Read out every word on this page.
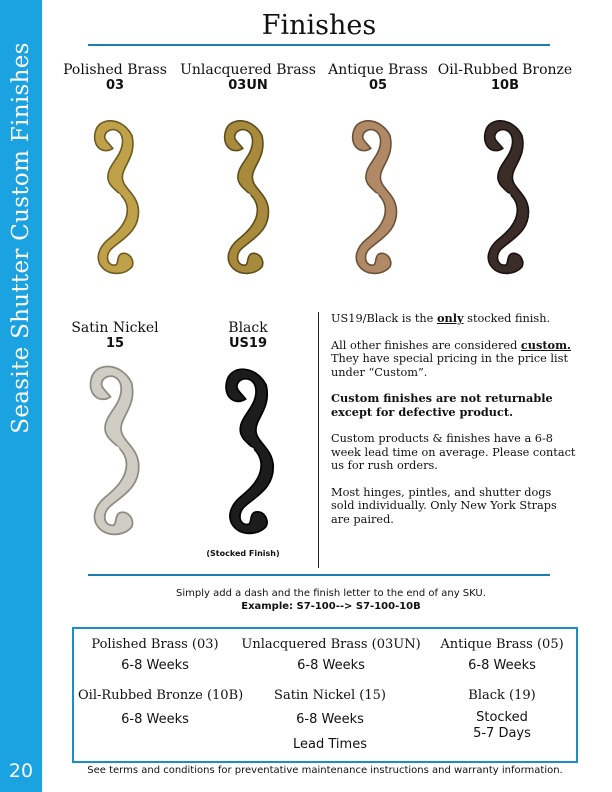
Seasite Shutter Custom Finishes
20
Finishes
Polished Brass
03
Unlacquered Brass
03UN
Antique Brass
05
Oil-Rubbed Bronze
10B
Satin Nickel
15
Black
US19
(Stocked Finish)

US19/Black is the only stocked finish.

All other finishes are considered custom. They have special pricing in the price list under “Custom”.

Custom finishes are not returnable except for defective product.

Custom products & finishes have a 6-8 week lead time on average. Please contact us for rush orders.

Most hinges, pintles, and shutter dogs sold individually. Only New York Straps are paired.

Simply add a dash and the finish letter to the end of any SKU.
Example: S7-100--> S7-100-10B
Polished Brass (03)
6-8 Weeks
Unlacquered Brass (03UN)
6-8 Weeks
Antique Brass (05)
6-8 Weeks
Oil-Rubbed Bronze (10B)
6-8 Weeks
Satin Nickel (15)
6-8 Weeks
Black (19)
Stocked
5-7 Days
Lead Times
See terms and conditions for preventative maintenance instructions and warranty information.
